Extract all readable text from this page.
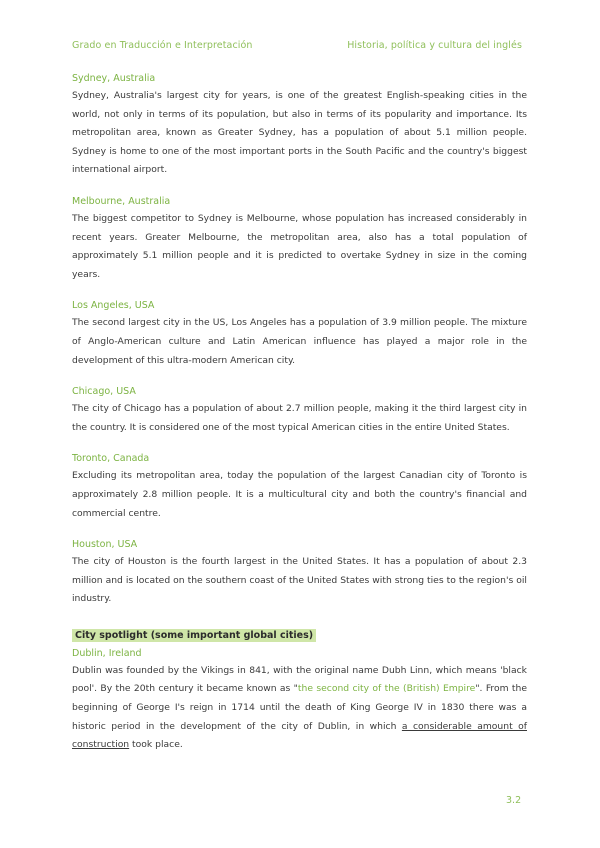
Grado en Traducción e Interpretación	Historia, política y cultura del inglés

Sydney, Australia

Sydney, Australia's largest city for years, is one of the greatest English-speaking cities in the world, not only in terms of its population, but also in terms of its popularity and importance. Its metropolitan area, known as Greater Sydney, has a population of about 5.1 million people. Sydney is home to one of the most important ports in the South Pacific and the country's biggest international airport.

Melbourne, Australia

The biggest competitor to Sydney is Melbourne, whose population has increased considerably in recent years. Greater Melbourne, the metropolitan area, also has a total population of approximately 5.1 million people and it is predicted to overtake Sydney in size in the coming years.

Los Angeles, USA

The second largest city in the US, Los Angeles has a population of 3.9 million people. The mixture of Anglo-American culture and Latin American influence has played a major role in the development of this ultra-modern American city.

Chicago, USA

The city of Chicago has a population of about 2.7 million people, making it the third largest city in the country. It is considered one of the most typical American cities in the entire United States.

Toronto, Canada

Excluding its metropolitan area, today the population of the largest Canadian city of Toronto is approximately 2.8 million people. It is a multicultural city and both the country's financial and commercial centre.

Houston, USA

The city of Houston is the fourth largest in the United States. It has a population of about 2.3 million and is located on the southern coast of the United States with strong ties to the region's oil industry.

City spotlight (some important global cities)

Dublin, Ireland

Dublin was founded by the Vikings in 841, with the original name Dubh Linn, which means 'black pool'. By the 20th century it became known as "the second city of the (British) Empire". From the beginning of George I's reign in 1714 until the death of King George IV in 1830 there was a historic period in the development of the city of Dublin, in which a considerable amount of construction took place.

3.2
